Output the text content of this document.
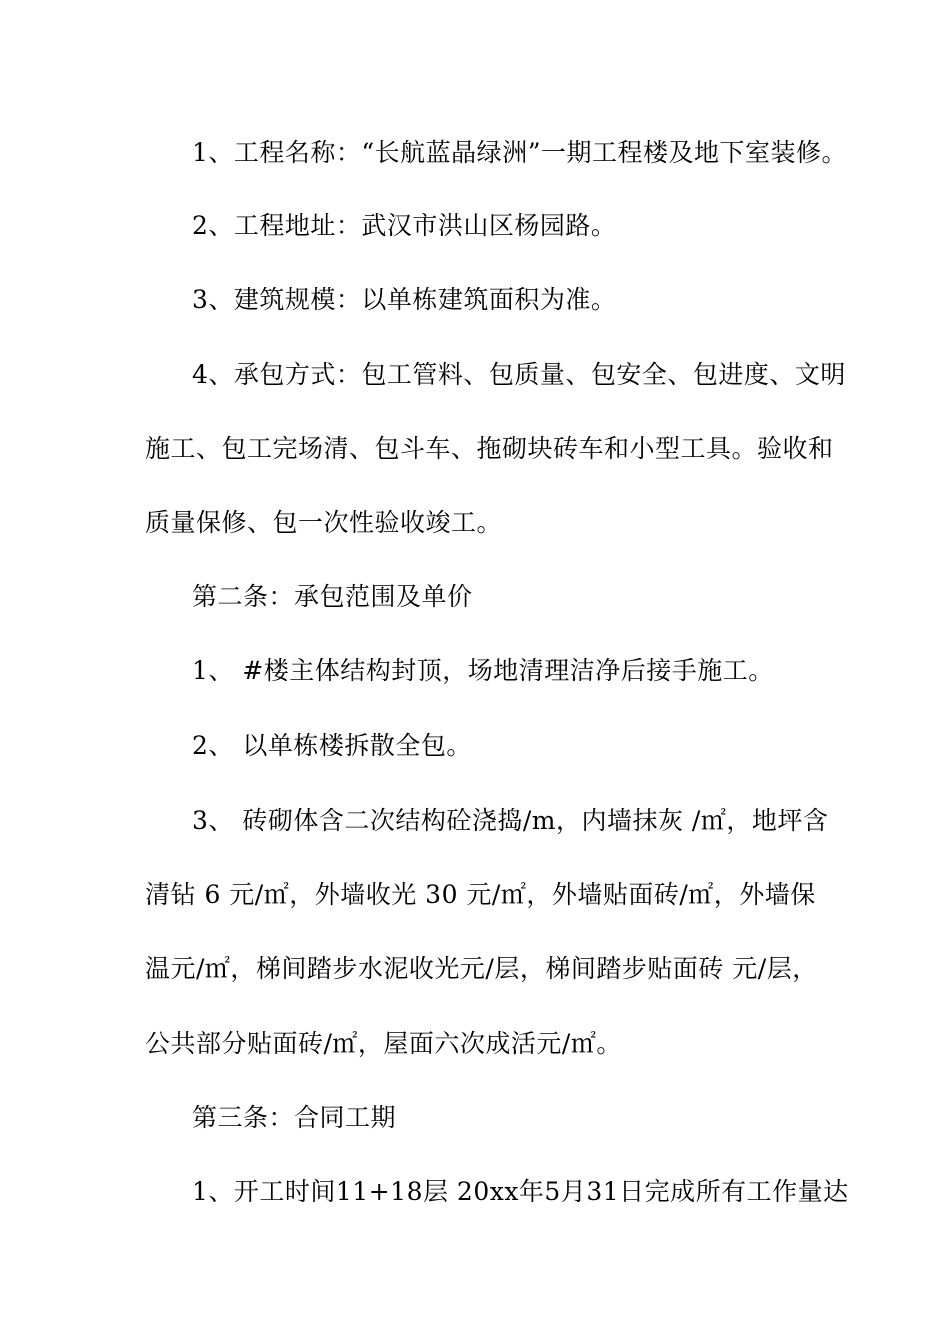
1、工程名称：“长航蓝晶绿洲”一期工程楼及地下室装修。
2、工程地址：武汉市洪山区杨园路。
3、建筑规模：以单栋建筑面积为准。
4、承包方式：包工管料、包质量、包安全、包进度、文明
施工、包工完场清、包斗车、拖砌块砖车和小型工具。验收和
质量保修、包一次性验收竣工。
第二条：承包范围及单价
1、 #楼主体结构封顶，场地清理洁净后接手施工。
2、 以单栋楼拆散全包。
3、 砖砌体含二次结构砼浇捣/m，内墙抹灰 /㎡，地坪含
清钻 6 元/㎡，外墙收光 30 元/㎡，外墙贴面砖/㎡，外墙保
温元/㎡，梯间踏步水泥收光元/层，梯间踏步贴面砖 元/层，
公共部分贴面砖/㎡，屋面六次成活元/㎡。
第三条：合同工期
1、开工时间11+18层 20xx年5月31日完成所有工作量达
